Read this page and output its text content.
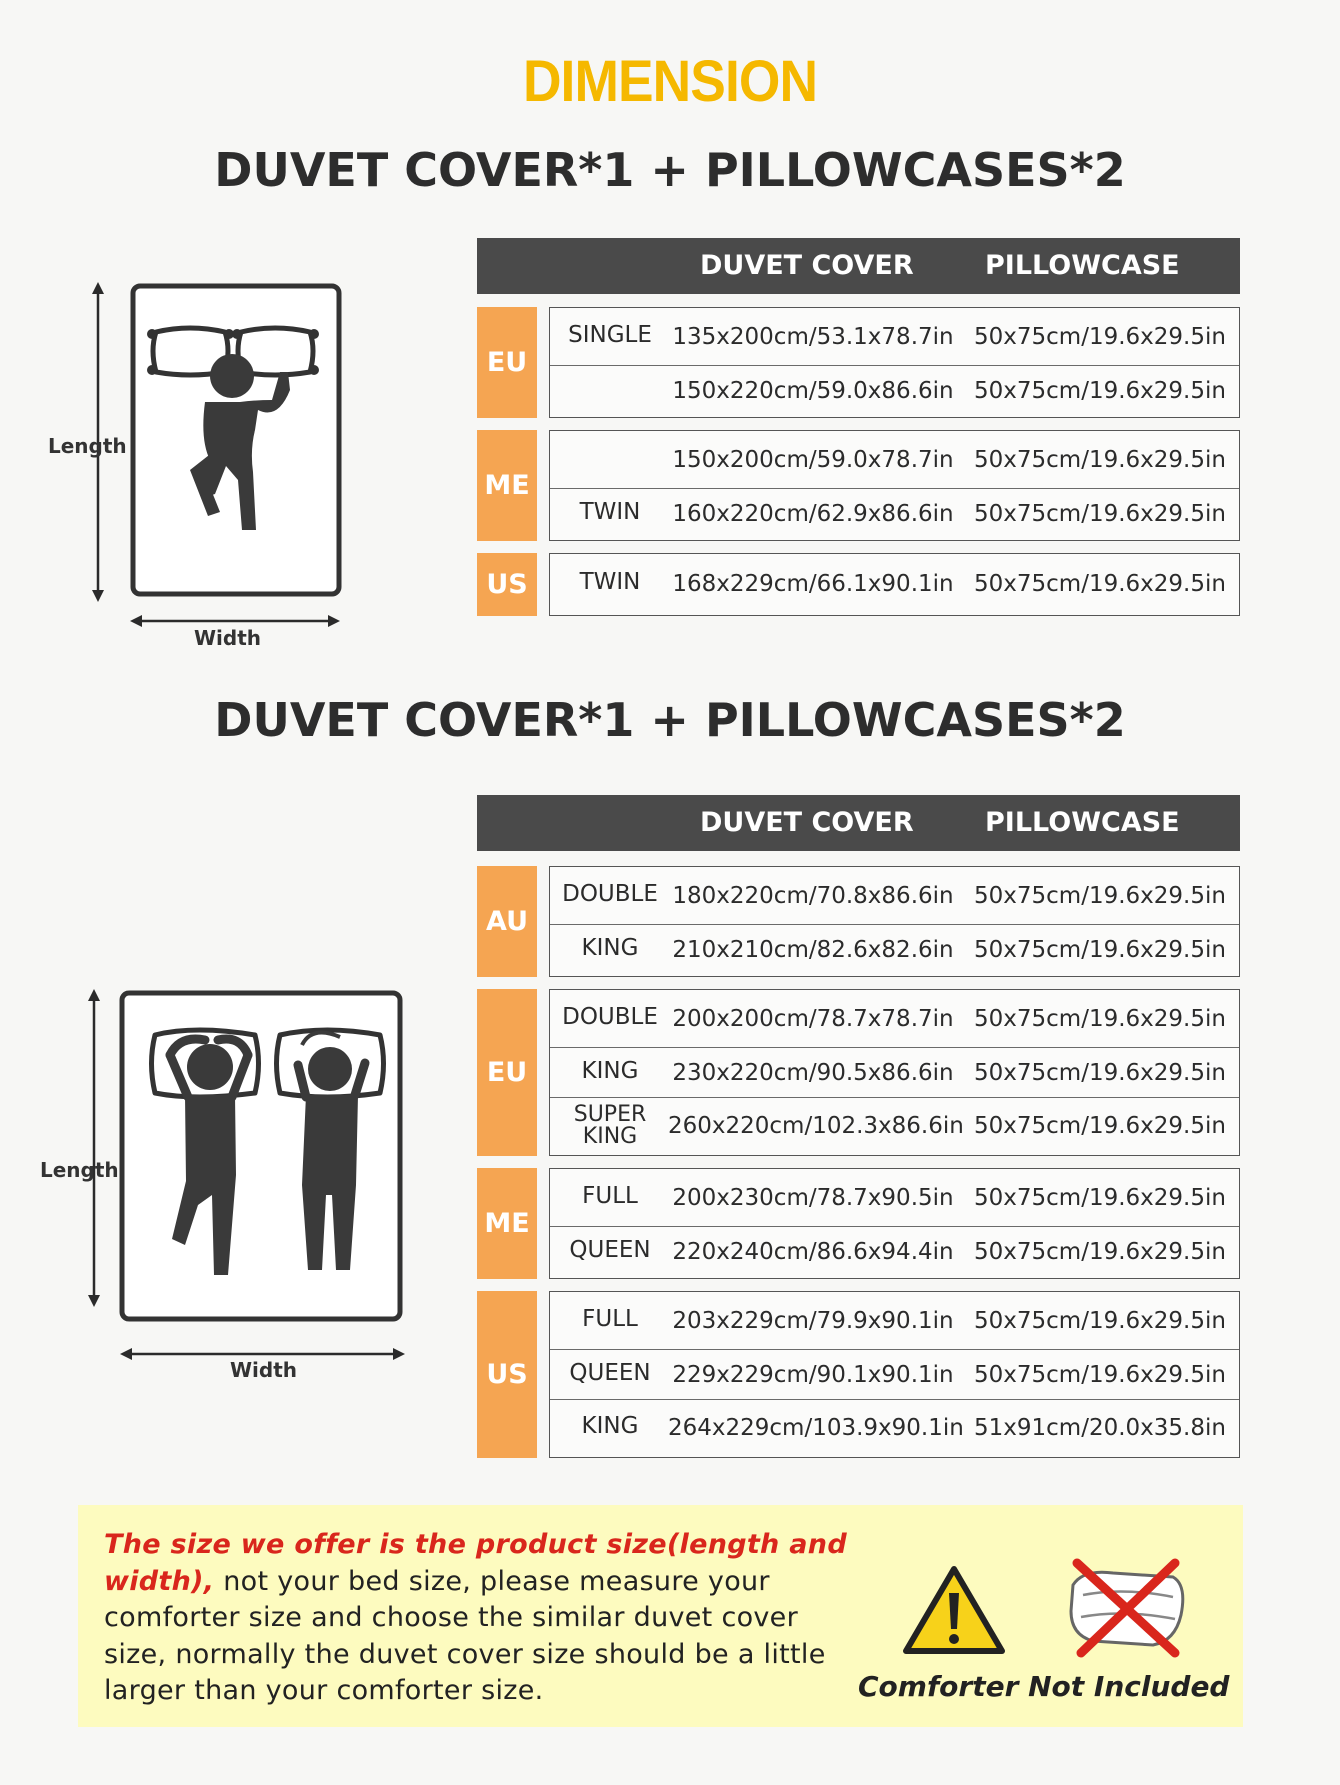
DIMENSION
DUVET COVER*1 + PILLOWCASES*2
DUVET COVER*1 + PILLOWCASES*2
Length
Width
Length
Width
DUVET COVER	PILLOWCASE
DUVET COVER	PILLOWCASE
EU
SINGLE 135x200cm/53.1x78.7in 50x75cm/19.6x29.5in
150x220cm/59.0x86.6in 50x75cm/19.6x29.5in
ME
150x200cm/59.0x78.7in 50x75cm/19.6x29.5in
TWIN	160x220cm/62.9x86.6in 50x75cm/19.6x29.5in
US	TWIN	168x229cm/66.1x90.1in 50x75cm/19.6x29.5in
AU
DOUBLE 180x220cm/70.8x86.6in 50x75cm/19.6x29.5in
KING	210x210cm/82.6x82.6in 50x75cm/19.6x29.5in
EU
DOUBLE 200x200cm/78.7x78.7in 50x75cm/19.6x29.5in
KING	230x220cm/90.5x86.6in 50x75cm/19.6x29.5in
SUPER KING	260x220cm/102.3x86.6in 50x75cm/19.6x29.5in
ME
FULL	200x230cm/78.7x90.5in 50x75cm/19.6x29.5in
QUEEN 220x240cm/86.6x94.4in 50x75cm/19.6x29.5in
US
FULL	203x229cm/79.9x90.1in 50x75cm/19.6x29.5in
QUEEN 229x229cm/90.1x90.1in 50x75cm/19.6x29.5in
KING	264x229cm/103.9x90.1in 51x91cm/20.0x35.8in
The size we offer is the product size(length and width), not your bed size, please measure your comforter size and choose the similar duvet cover size, normally the duvet cover size should be a little larger than your comforter size.	Comforter Not Included
